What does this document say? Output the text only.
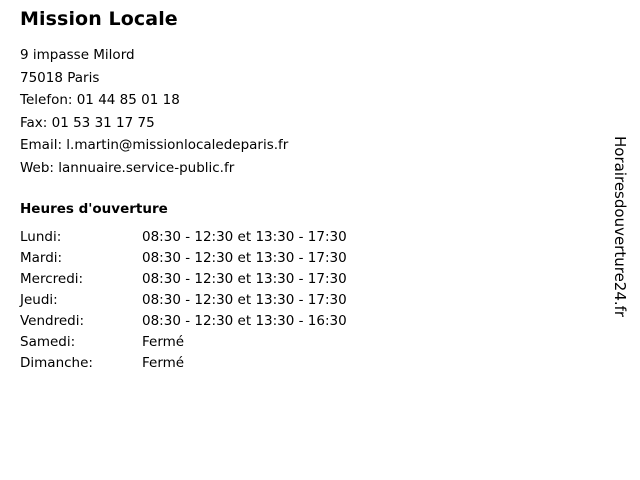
Mission Locale
9 impasse Milord
75018 Paris
Telefon: 01 44 85 01 18
Fax: 01 53 31 17 75
Email: l.martin@missionlocaledeparis.fr
Web: lannuaire.service-public.fr
Heures d'ouverture
Lundi:	08:30 - 12:30 et 13:30 - 17:30
Mardi:	08:30 - 12:30 et 13:30 - 17:30
Mercredi:	08:30 - 12:30 et 13:30 - 17:30
Jeudi:	08:30 - 12:30 et 13:30 - 17:30
Vendredi:	08:30 - 12:30 et 13:30 - 16:30
Samedi:	Fermé
Dimanche:	Fermé
Horairesdouverture24.fr
